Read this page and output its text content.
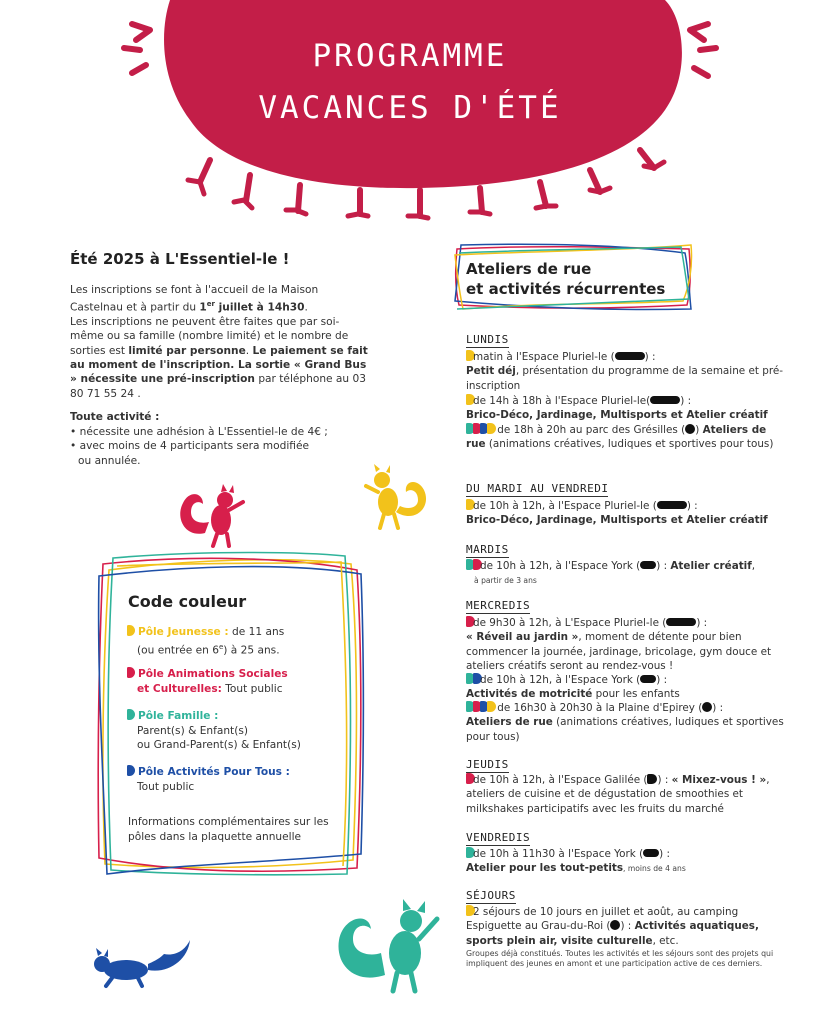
PROGRAMME
VACANCES D'ÉTÉ
Été 2025 à L'Essentiel-le !
Les inscriptions se font à l'accueil de la Maison Castelnau et à partir du 1er juillet à 14h30.
Les inscriptions ne peuvent être faites que par soi-même ou sa famille (nombre limité) et le nombre de sorties est limité par personne. Le paiement se fait au moment de l'inscription. La sortie « Grand Bus » nécessite une pré-inscription par téléphone au 03 80 71 55 24 .
Toute activité :
• nécessite une adhésion à L'Essentiel-le de 4€ ;
• avec moins de 4 participants sera modifiée
ou annulée.
Code couleur
Pôle Jeunesse : de 11 ans

(ou entrée en 6e) à 25 ans.
Pôle Animations Sociales

et Culturelles: Tout public
Pôle Famille :

Parent(s) & Enfant(s)
ou Grand-Parent(s) & Enfant(s)
Pôle Activités Pour Tous :

Tout public
Informations complémentaires sur les pôles dans la plaquette annuelle
Ateliers de rue
et activités récurrentes
LUNDIS
matin à l'Espace Pluriel-le (	) :
Petit déj, présentation du programme de la semaine et pré-inscription
de 14h à 18h à l'Espace Pluriel-le(	) :
Brico-Déco, Jardinage, Multisports et Atelier créatif
de 18h à 20h au parc des Grésilles ( ) Ateliers de rue (animations créatives, ludiques et sportives pour tous)
DU MARDI AU VENDREDI
de 10h à 12h, à l'Espace Pluriel-le (	) :
Brico-Déco, Jardinage, Multisports et Atelier créatif
MARDIS
de 10h à 12h, à l'Espace York ( ) : Atelier créatif,
à partir de 3 ans
MERCREDIS
de 9h30 à 12h, à L'Espace Pluriel-le (	) :
« Réveil au jardin », moment de détente pour bien commencer la journée, jardinage, bricolage, gym douce et ateliers créatifs seront au rendez-vous !
de 10h à 12h, à l'Espace York ( ) :
Activités de motricité pour les enfants
de 16h30 à 20h30 à la Plaine d'Epirey ( ) :
Ateliers de rue (animations créatives, ludiques et sportives pour tous)
JEUDIS
de 10h à 12h, à l'Espace Galilée ( ) : « Mixez-vous ! », ateliers de cuisine et de dégustation de smoothies et milkshakes participatifs avec les fruits du marché
VENDREDIS
de 10h à 11h30 à l'Espace York ( ) :
Atelier pour les tout-petits, moins de 4 ans
SÉJOURS
2 séjours de 10 jours en juillet et août, au camping Espiguette au Grau-du-Roi ( ) : Activités aquatiques, sports plein air, visite culturelle, etc.

Groupes déjà constitués. Toutes les activités et les séjours sont des projets qui impliquent des jeunes en amont et une participation active de ces derniers.
